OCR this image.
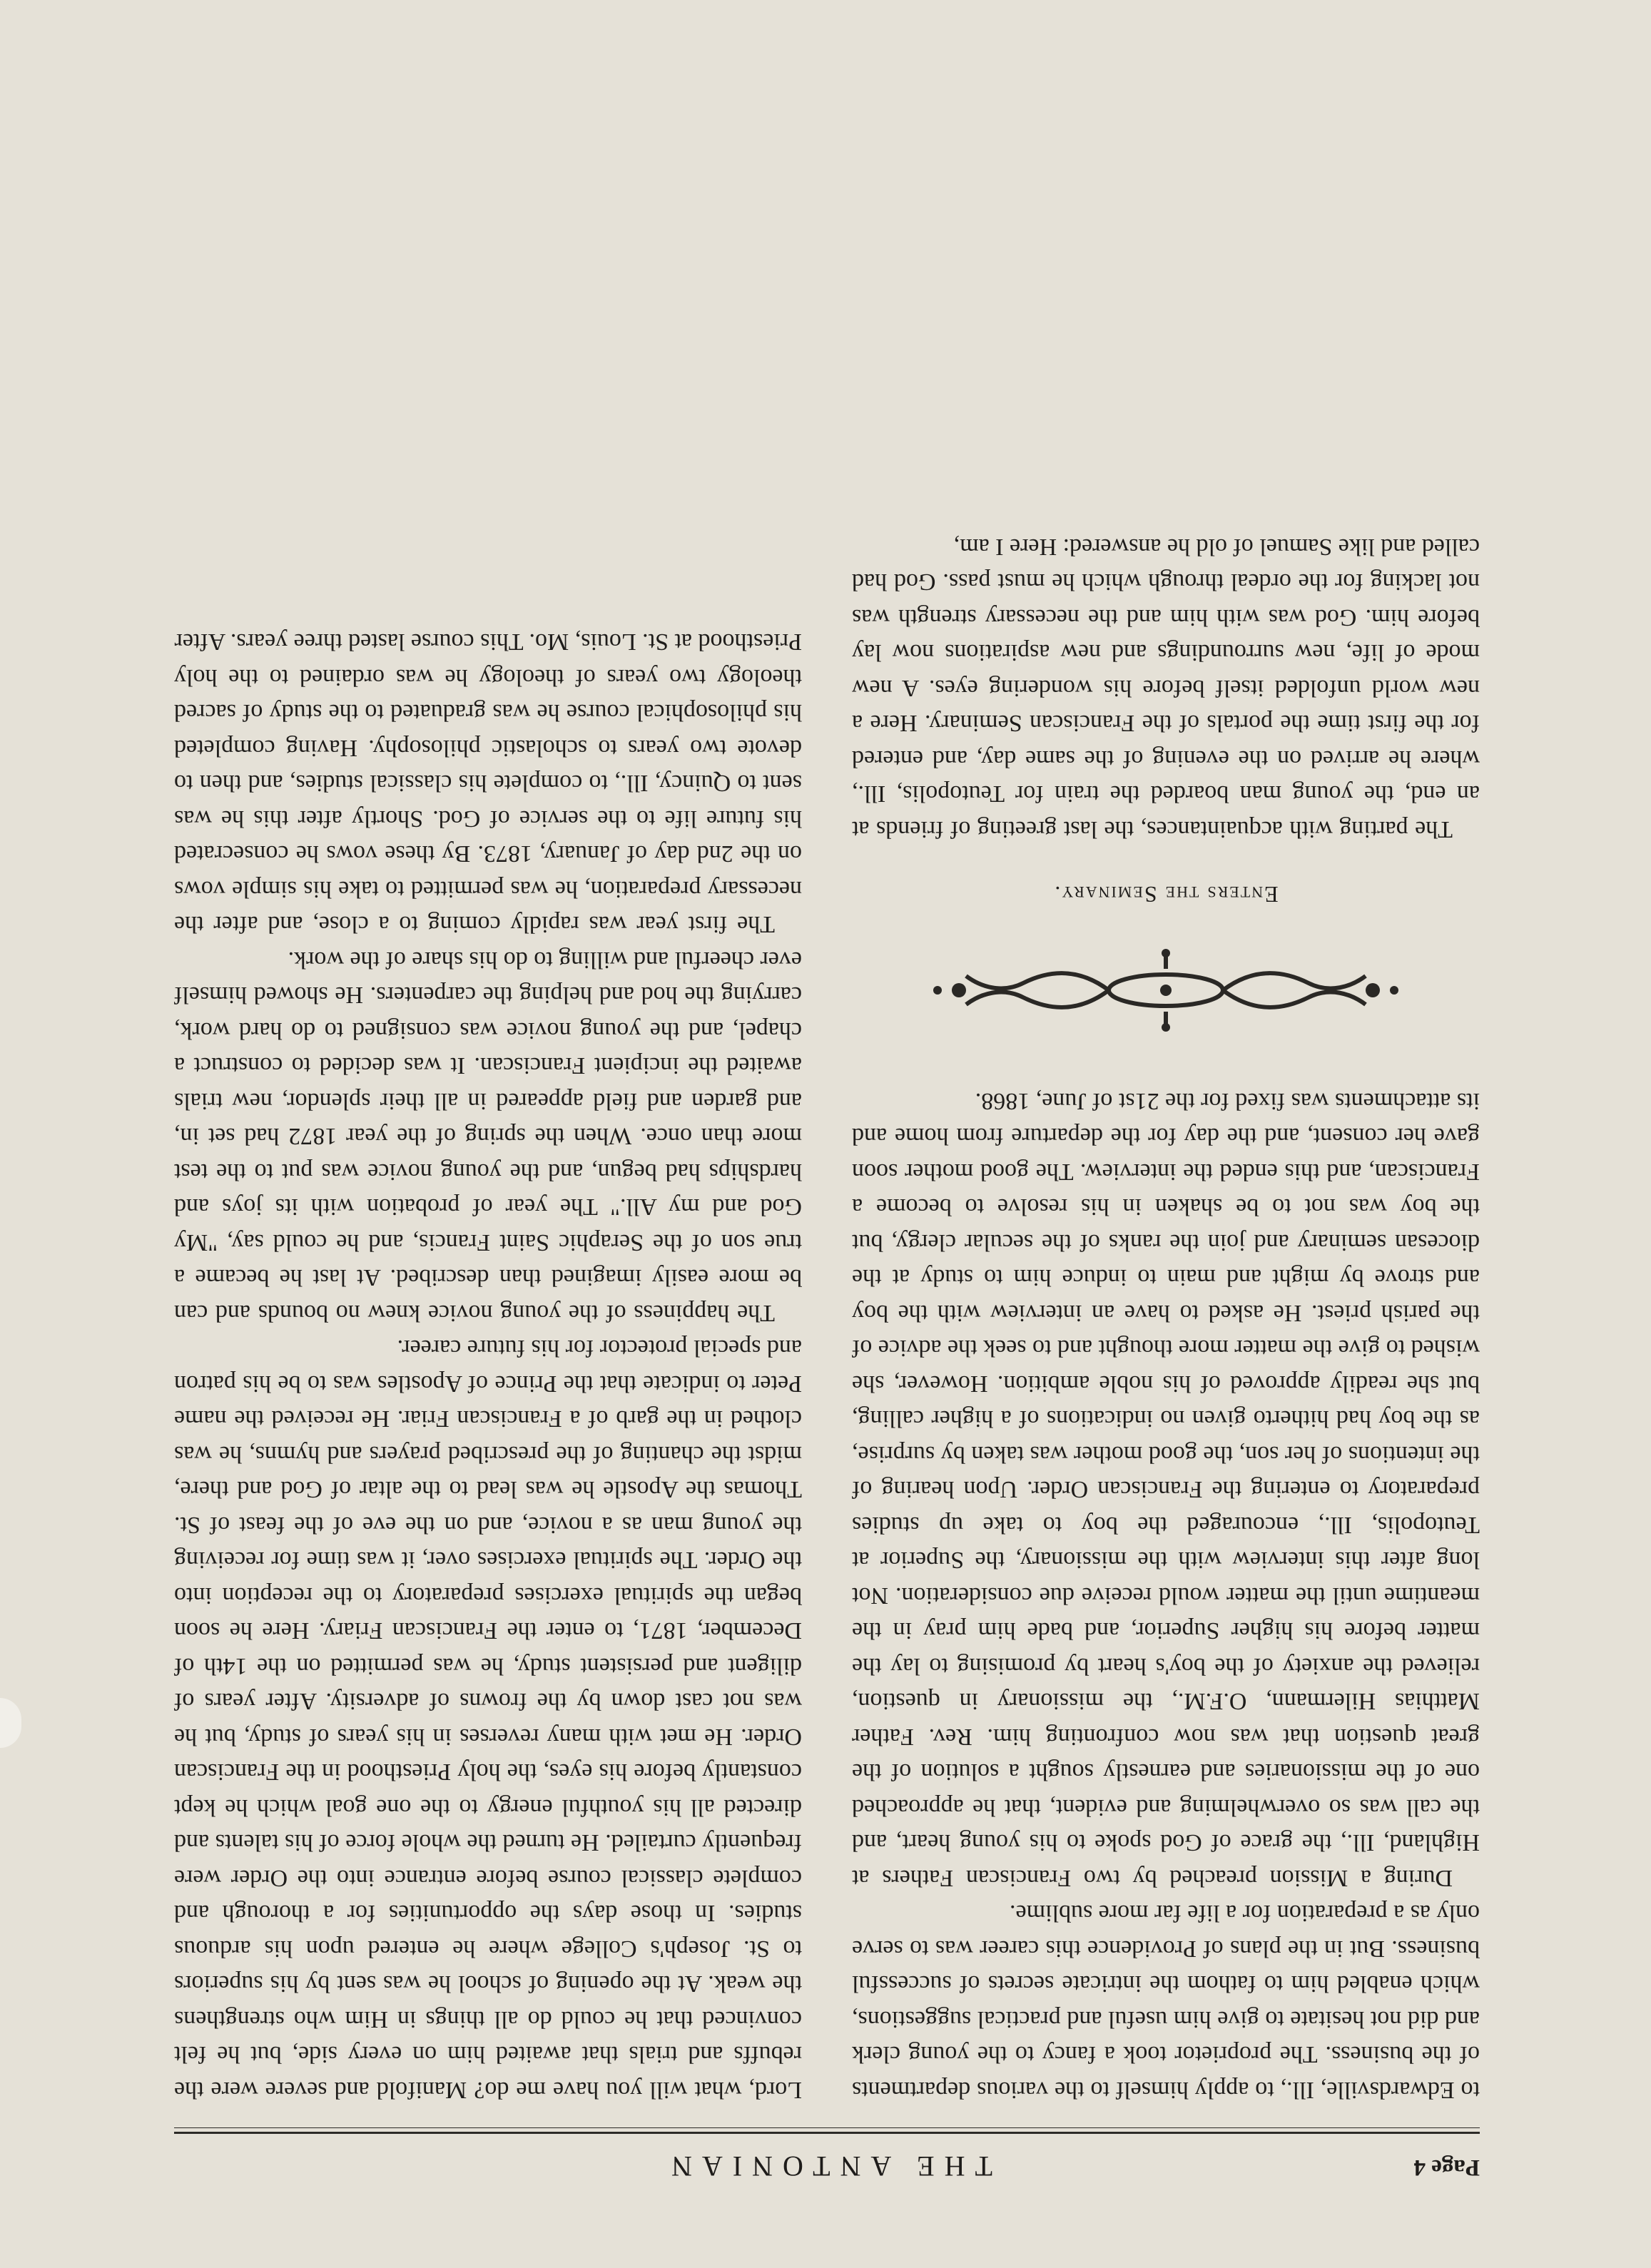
Page 4
THE ANTONIAN

to Edwardsville, Ill., to apply himself to the various departments of the business. The proprietor took a fancy to the young clerk and did not hesitate to give him useful and practical suggestions, which enabled him to fathom the intricate secrets of successful business. But in the plans of Providence this career was to serve only as a preparation for a life far more sublime.

During a Mission preached by two Franciscan Fathers at Highland, Ill., the grace of God spoke to his young heart, and the call was so overwhelming and evident, that he approached one of the missionaries and earnestly sought a solution of the great question that was now confronting him. Rev. Father Matthias Hilermann, O.F.M., the missionary in question, relieved the anxiety of the boy's heart by promising to lay the matter before his higher Superior, and bade him pray in the meantime until the matter would receive due consideration. Not long after this interview with the missionary, the Superior at Teutopolis, Ill., encouraged the boy to take up studies preparatory to entering the Franciscan Order. Upon hearing of the intentions of her son, the good mother was taken by surprise, as the boy had hitherto given no indications of a higher calling, but she readily approved of his noble ambition. However, she wished to give the matter more thought and to seek the advice of the parish priest. He asked to have an interview with the boy and strove by might and main to induce him to study at the diocesan seminary and join the ranks of the secular clergy, but the boy was not to be shaken in his resolve to become a Franciscan, and this ended the interview. The good mother soon gave her consent, and the day for the departure from home and its attachments was fixed for the 21st of June, 1868.

Enters the Seminary.

The parting with acquaintances, the last greeting of friends at an end, the young man boarded the train for Teutopolis, Ill., where he arrived on the evening of the same day, and entered for the first time the portals of the Franciscan Seminary. Here a new world unfolded itself before his wondering eyes. A new mode of life, new surroundings and new aspirations now lay before him. God was with him and the necessary strength was not lacking for the ordeal through which he must pass. God had called and like Samuel of old he answered: Here I am,

Lord, what will you have me do? Manifold and severe were the rebuffs and trials that awaited him on every side, but he felt convinced that he could do all things in Him who strengthens the weak. At the opening of school he was sent by his superiors to St. Joseph's College where he entered upon his arduous studies. In those days the opportunities for a thorough and complete classical course before entrance into the Order were frequently curtailed. He turned the whole force of his talents and directed all his youthful energy to the one goal which he kept constantly before his eyes, the holy Priesthood in the Franciscan Order. He met with many reverses in his years of study, but he was not cast down by the frowns of adversity. After years of diligent and persistent study, he was permitted on the 14th of December, 1871, to enter the Franciscan Friary. Here he soon began the spiritual exercises preparatory to the reception into the Order. The spiritual exercises over, it was time for receiving the young man as a novice, and on the eve of the feast of St. Thomas the Apostle he was lead to the altar of God and there, midst the chanting of the prescribed prayers and hymns, he was clothed in the garb of a Franciscan Friar. He received the name Peter to indicate that the Prince of Apostles was to be his patron and special protector for his future career.

The happiness of the young novice knew no bounds and can be more easily imagined than described. At last he became a true son of the Seraphic Saint Francis, and he could say, "My God and my All." The year of probation with its joys and hardships had begun, and the young novice was put to the test more than once. When the spring of the year 1872 had set in, and garden and field appeared in all their splendor, new trials awaited the incipient Franciscan. It was decided to construct a chapel, and the young novice was consigned to do hard work, carrying the hod and helping the carpenters. He showed himself ever cheerful and willing to do his share of the work.

The first year was rapidly coming to a close, and after the necessary preparation, he was permitted to take his simple vows on the 2nd day of January, 1873. By these vows he consecrated his future life to the service of God. Shortly after this he was sent to Quincy, Ill., to complete his classical studies, and then to devote two years to scholastic philosophy. Having completed his philosophical course he was graduated to the study of sacred theology two years of theology he was ordained to the holy Priesthood at St. Louis, Mo. This course lasted three years. After
